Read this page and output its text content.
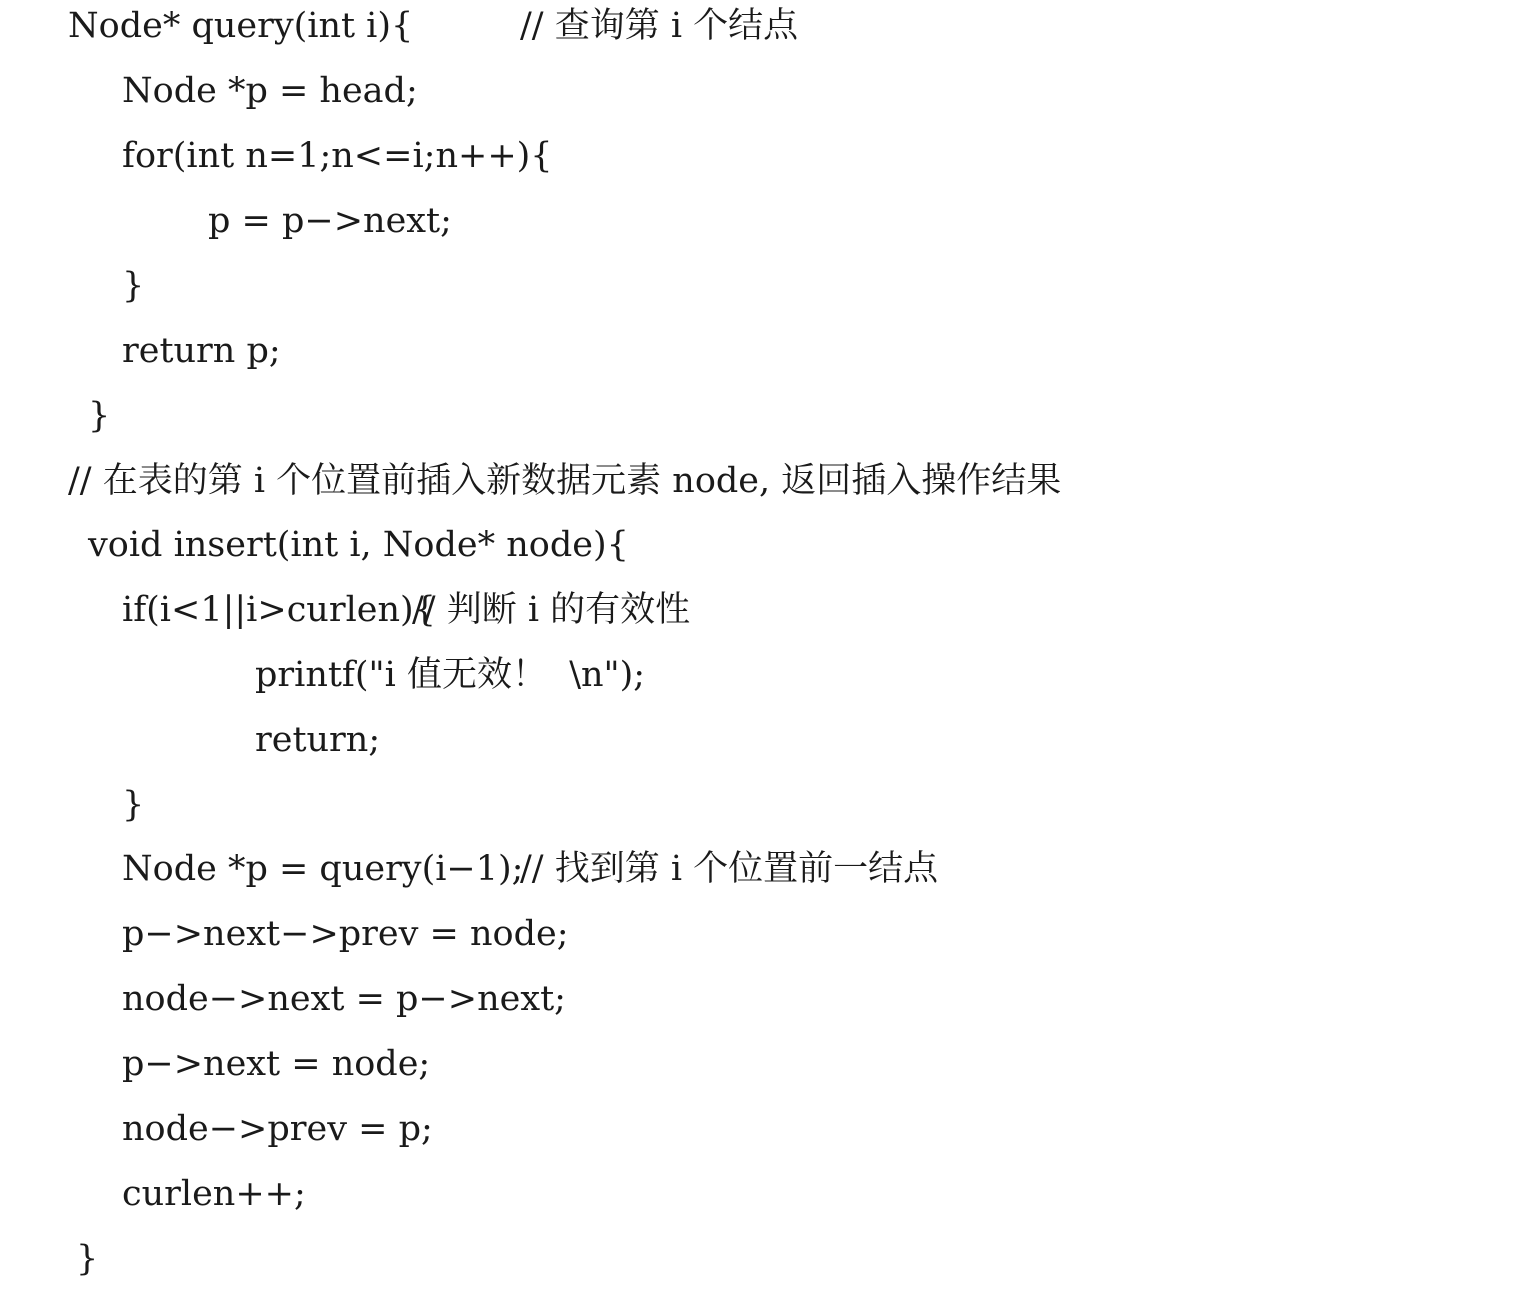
Node* query(int i){	// 查询第 i 个结点
Node *p = head;
for(int n=1;n<=i;n++){
p = p−>next;
}
return p;
}
// 在表的第 i 个位置前插入新数据元素 node, 返回插入操作结果
void insert(int i, Node* node){
if(i<1||i>curlen){
// 判断 i 的有效性
printf("i 值无效！  \n");
return;
}
Node *p = query(i−1);
// 找到第 i 个位置前一结点
p−>next−>prev = node;
node−>next = p−>next;
p−>next = node;
node−>prev = p;
curlen++;
}
